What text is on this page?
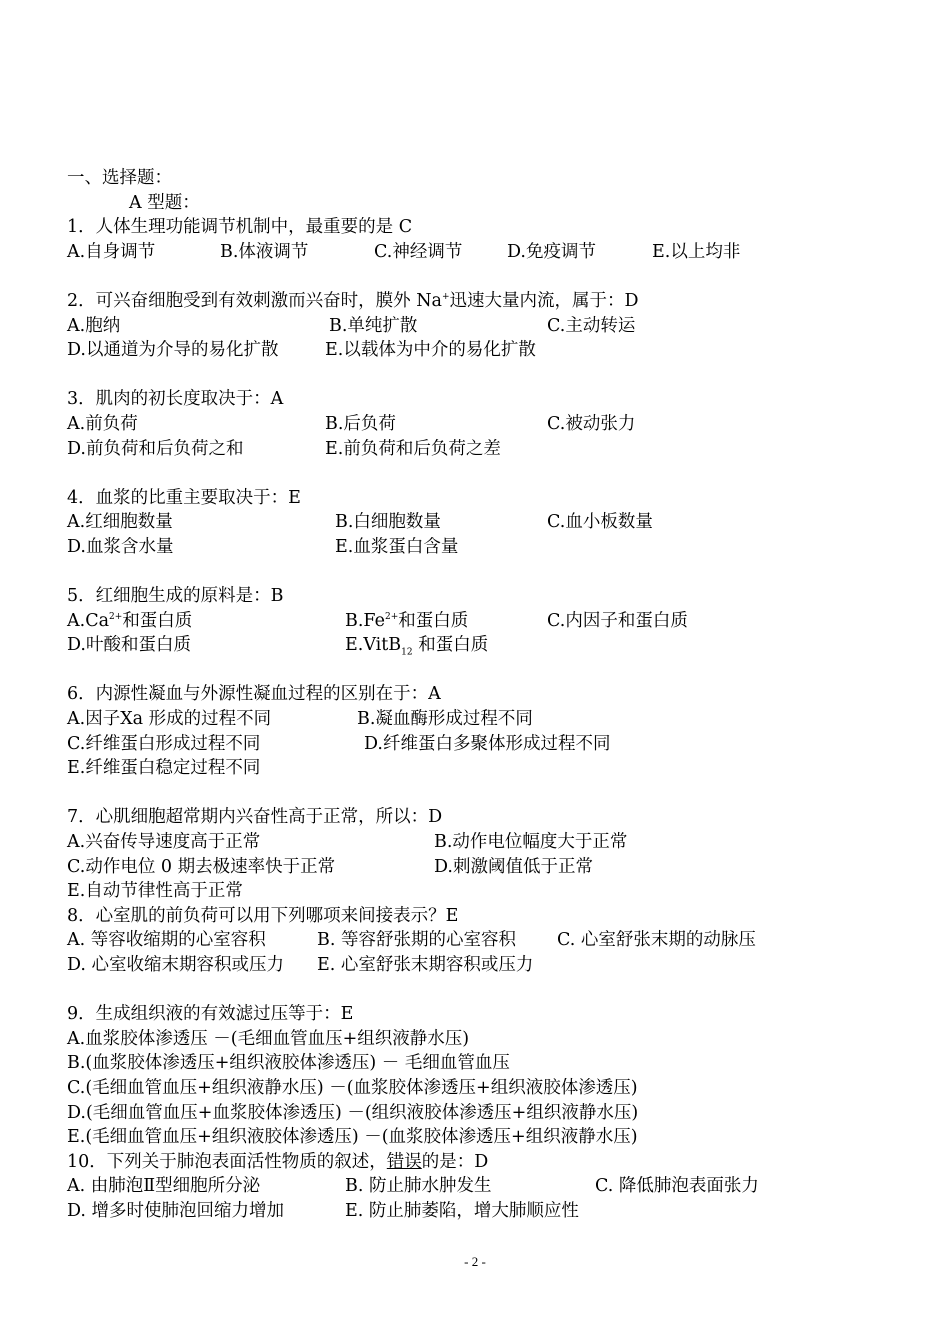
一、选择题：
A 型题：
1．人体生理功能调节机制中，最重要的是 C
A.自身调节	B.体液调节	C.神经调节	D.免疫调节	E.以上均非
2．可兴奋细胞受到有效刺激而兴奋时，膜外 Na+迅速大量内流，属于：D
A.胞纳	B.单纯扩散	C.主动转运
D.以通道为介导的易化扩散	E.以载体为中介的易化扩散
3．肌肉的初长度取决于：A
A.前负荷	B.后负荷	C.被动张力
D.前负荷和后负荷之和	E.前负荷和后负荷之差
4．血浆的比重主要取决于：E
A.红细胞数量	B.白细胞数量	C.血小板数量
D.血浆含水量	E.血浆蛋白含量
5．红细胞生成的原料是：B
$A.Ca^{2+}$和蛋白质	$B.Fe^{2+}$和蛋白质	C.内因子和蛋白质
D.叶酸和蛋白质	E.VitB$_{12}$ 和蛋白质
6．内源性凝血与外源性凝血过程的区别在于：A
A.因子Ⅹa 形成的过程不同	B.凝血酶形成过程不同
C.纤维蛋白形成过程不同	D.纤维蛋白多聚体形成过程不同
E.纤维蛋白稳定过程不同
7．心肌细胞超常期内兴奋性高于正常，所以：D
A.兴奋传导速度高于正常	B.动作电位幅度大于正常
C.动作电位 0 期去极速率快于正常	D.刺激阈值低于正常
E.自动节律性高于正常
8．心室肌的前负荷可以用下列哪项来间接表示？E
A. 等容收缩期的心室容积	B. 等容舒张期的心室容积 C. 心室舒张末期的动脉压
D. 心室收缩末期容积或压力 E. 心室舒张末期容积或压力
9．生成组织液的有效滤过压等于：E
A.血浆胶体渗透压 －(毛细血管血压+组织液静水压)
B.(血浆胶体渗透压+组织液胶体渗透压) － 毛细血管血压
C.(毛细血管血压+组织液静水压) －(血浆胶体渗透压+组织液胶体渗透压)
D.(毛细血管血压+血浆胶体渗透压) －(组织液胶体渗透压+组织液静水压)
E.(毛细血管血压+组织液胶体渗透压) －(血浆胶体渗透压+组织液静水压)
10．下列关于肺泡表面活性物质的叙述，错误的是：D
A. 由肺泡Ⅱ型细胞所分泌	B. 防止肺水肿发生	C. 降低肺泡表面张力
D. 增多时使肺泡回缩力增加	E. 防止肺萎陷，增大肺顺应性
- 2 -
